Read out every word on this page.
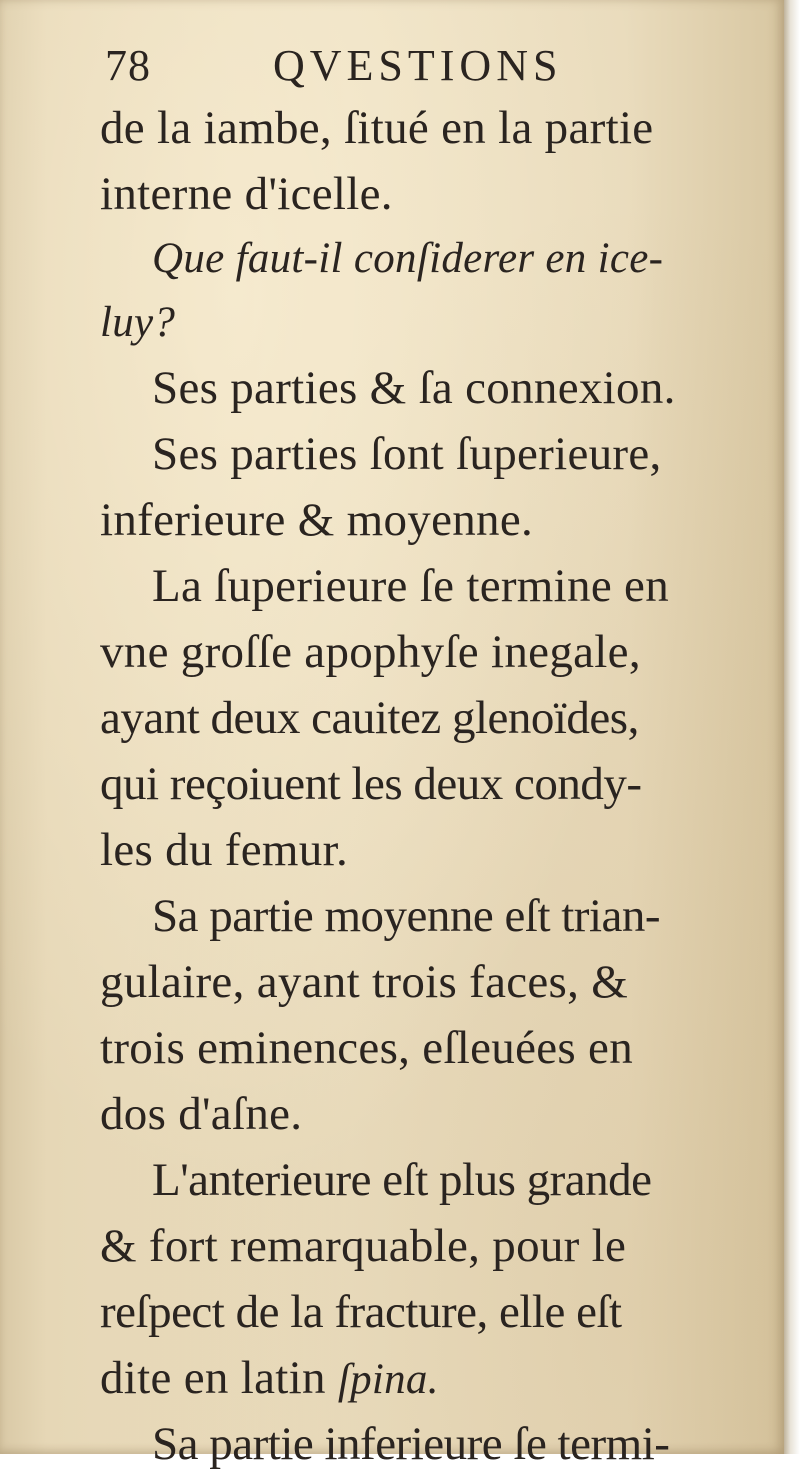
78	QVESTIONS
de la iambe, ſitué en la partie
interne d'icelle.
Que faut-il conſiderer en ice-
luy?
Ses parties & ſa connexion.
Ses parties ſont ſuperieure,
inferieure & moyenne.
La ſuperieure ſe termine en
vne groſſe apophyſe inegale,
ayant deux cauitez glenoïdes,
qui reçoiuent les deux condy-
les du femur.
Sa partie moyenne eſt trian-
gulaire, ayant trois faces, &
trois eminences, eſleuées en
dos d'aſne.
L'anterieure eſt plus grande
& fort remarquable, pour le
reſpect de la fracture, elle eſt
dite en latin ſpina.
Sa partie inferieure ſe termi-
